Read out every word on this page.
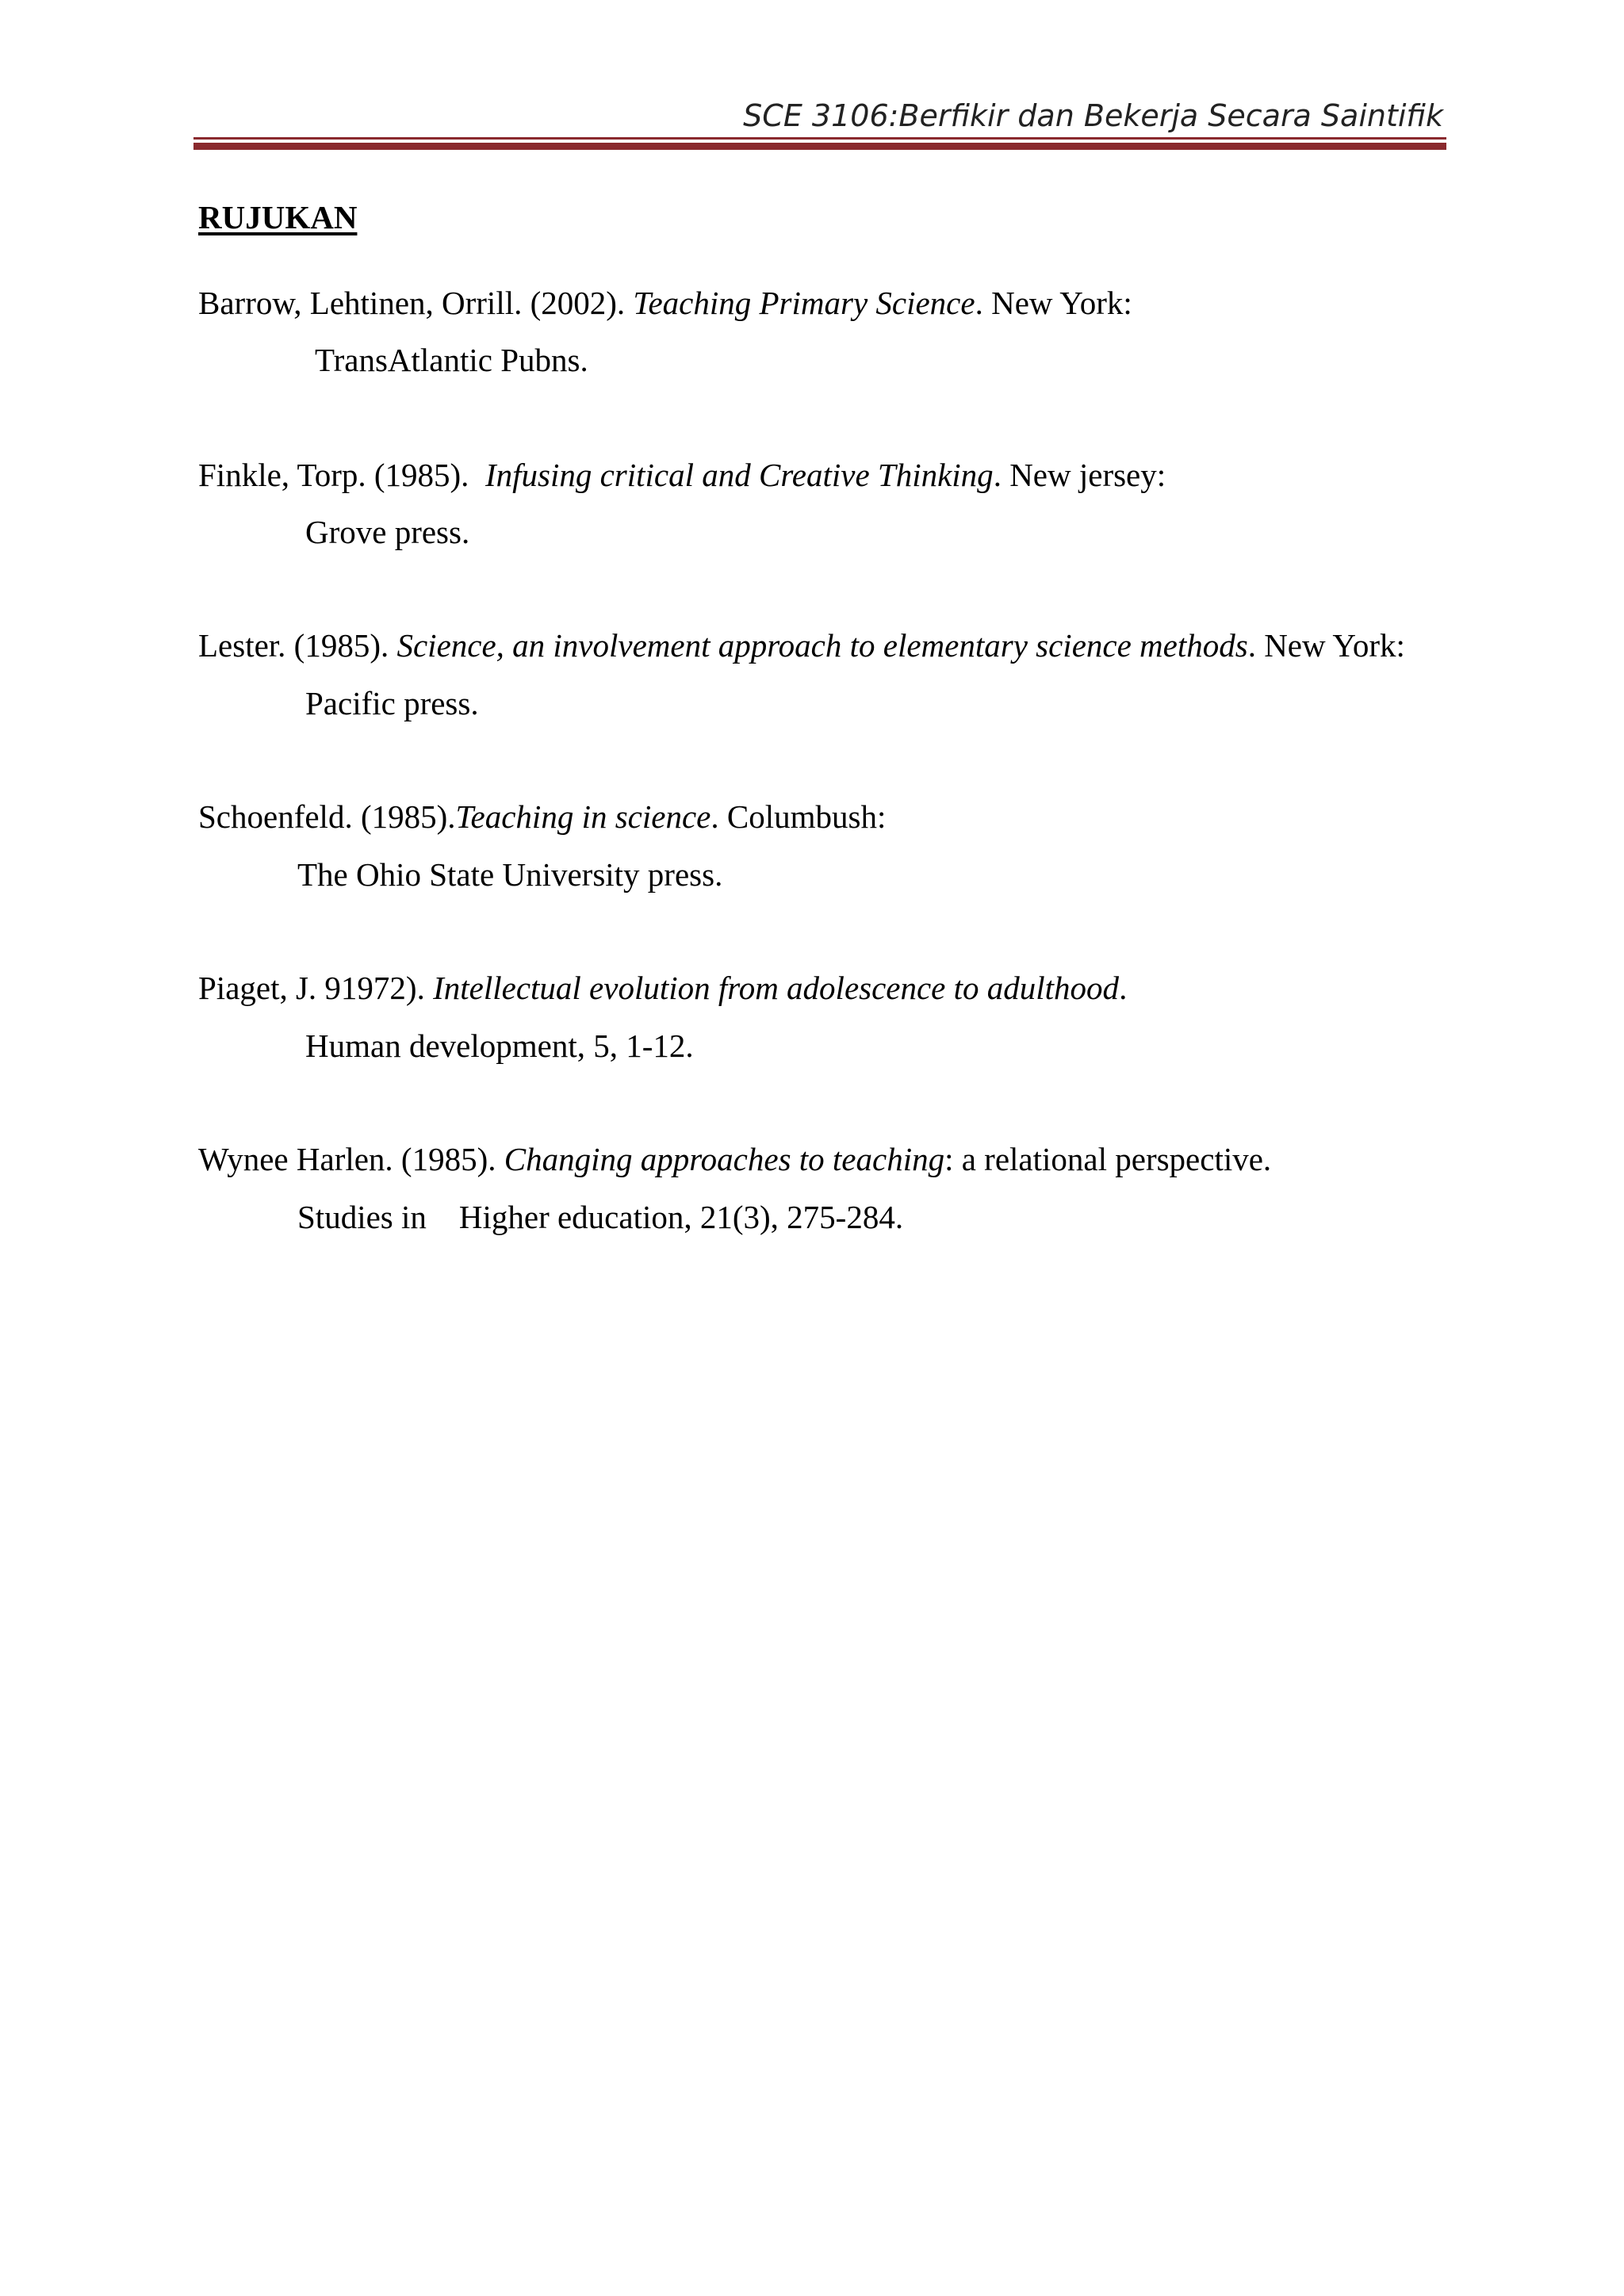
SCE 3106:Berfikir dan Bekerja Secara Saintifik
RUJUKAN
Barrow, Lehtinen, Orrill. (2002). Teaching Primary Science. New York:
TransAtlantic Pubns.
Finkle, Torp. (1985).  Infusing critical and Creative Thinking. New jersey:
Grove press.
Lester. (1985). Science, an involvement approach to elementary science methods. New York:
Pacific press.
Schoenfeld. (1985).Teaching in science. Columbush:
The Ohio State University press.
Piaget, J. 91972). Intellectual evolution from adolescence to adulthood.
Human development, 5, 1-12.
Wynee Harlen. (1985). Changing approaches to teaching: a relational perspective.
Studies in    Higher education, 21(3), 275-284.
